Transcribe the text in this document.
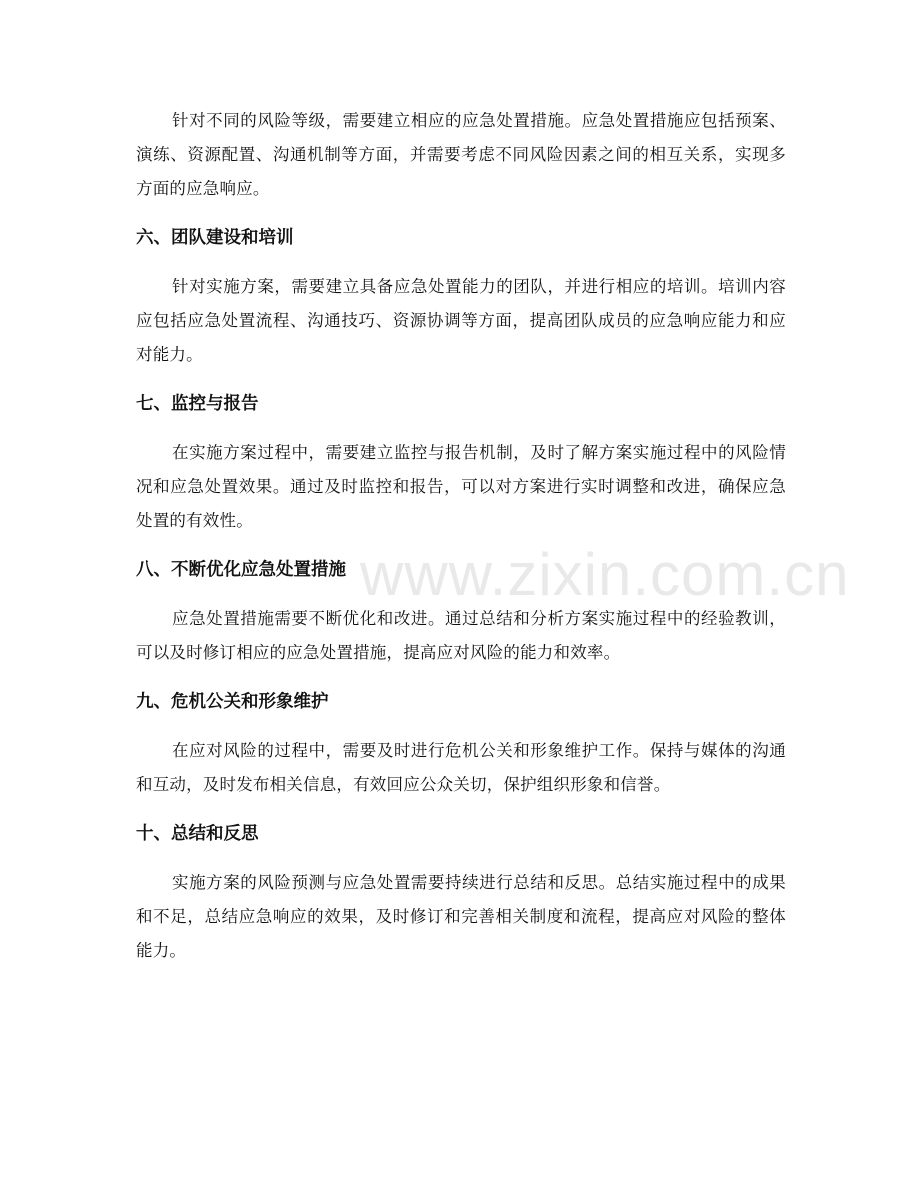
www.zixin.com.cn

针对不同的风险等级，需要建立相应的应急处置措施。应急处置措施应包括预案、演练、资源配置、沟通机制等方面，并需要考虑不同风险因素之间的相互关系，实现多方面的应急响应。

六、团队建设和培训

针对实施方案，需要建立具备应急处置能力的团队，并进行相应的培训。培训内容应包括应急处置流程、沟通技巧、资源协调等方面，提高团队成员的应急响应能力和应对能力。

七、监控与报告

在实施方案过程中，需要建立监控与报告机制，及时了解方案实施过程中的风险情况和应急处置效果。通过及时监控和报告，可以对方案进行实时调整和改进，确保应急处置的有效性。

八、不断优化应急处置措施

应急处置措施需要不断优化和改进。通过总结和分析方案实施过程中的经验教训，可以及时修订相应的应急处置措施，提高应对风险的能力和效率。

九、危机公关和形象维护

在应对风险的过程中，需要及时进行危机公关和形象维护工作。保持与媒体的沟通和互动，及时发布相关信息，有效回应公众关切，保护组织形象和信誉。

十、总结和反思

实施方案的风险预测与应急处置需要持续进行总结和反思。总结实施过程中的成果和不足，总结应急响应的效果，及时修订和完善相关制度和流程，提高应对风险的整体能力。
